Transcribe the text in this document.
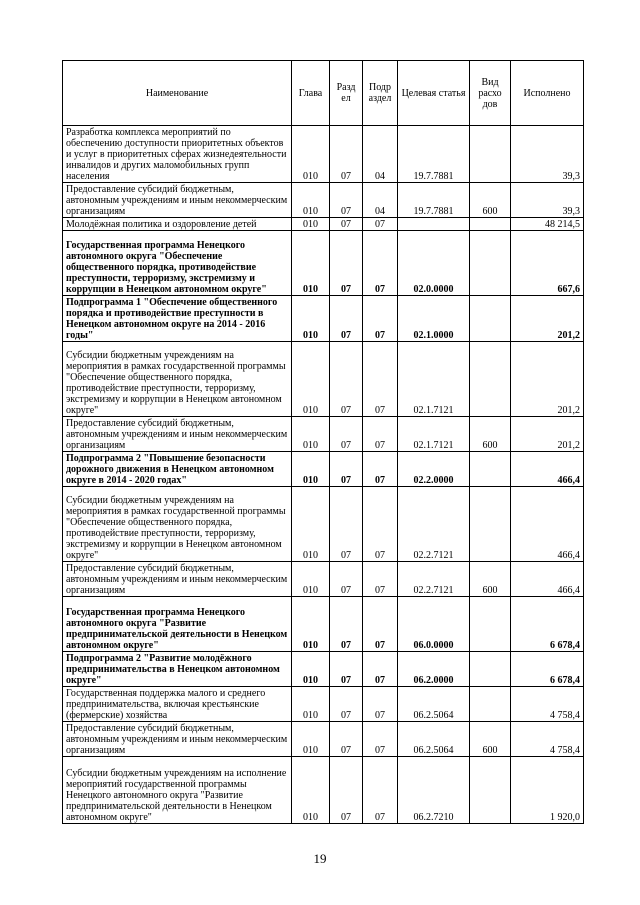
Наименование	Глава	Разд ел	Подр аздел	Целевая статья	Вид расхо дов	Исполнено
Разработка комплекса мероприятий по обеспечению доступности приоритетных объектов и услуг в приоритетных сферах жизнедеятельности инвалидов и других маломобильных групп населения	010	07	04	19.7.7881		39,3
Предоставление субсидий бюджетным, автономным учреждениям и иным некоммерческим организациям	010	07	04	19.7.7881	600	39,3
Молодёжная политика и оздоровление детей	010	07	07			48 214,5
Государственная программа Ненецкого автономного округа "Обеспечение общественного порядка, противодействие преступности, терроризму, экстремизму и коррупции в Ненецком автономном округе"	010	07	07	02.0.0000		667,6
Подпрограмма 1 "Обеспечение общественного порядка и противодействие преступности в Ненецком автономном округе на 2014 - 2016 годы"	010	07	07	02.1.0000		201,2
Субсидии бюджетным учреждениям на мероприятия в рамках государственной программы "Обеспечение общественного порядка, противодействие преступности, терроризму, экстремизму и коррупции в Ненецком автономном округе"	010	07	07	02.1.7121		201,2
Предоставление субсидий бюджетным, автономным учреждениям и иным некоммерческим организациям	010	07	07	02.1.7121	600	201,2
Подпрограмма 2 "Повышение безопасности дорожного движения в Ненецком автономном округе в 2014 - 2020 годах"	010	07	07	02.2.0000		466,4
Субсидии бюджетным учреждениям на мероприятия в рамках государственной программы "Обеспечение общественного порядка, противодействие преступности, терроризму, экстремизму и коррупции в Ненецком автономном округе"	010	07	07	02.2.7121		466,4
Предоставление субсидий бюджетным, автономным учреждениям и иным некоммерческим организациям	010	07	07	02.2.7121	600	466,4
Государственная программа Ненецкого автономного округа "Развитие предпринимательской деятельности в Ненецком автономном округе"	010	07	07	06.0.0000		6 678,4
Подпрограмма 2 "Развитие молодёжного предпринимательства в Ненецком автономном округе"	010	07	07	06.2.0000		6 678,4
Государственная поддержка малого и среднего предпринимательства, включая крестьянские (фермерские) хозяйства	010	07	07	06.2.5064		4 758,4
Предоставление субсидий бюджетным, автономным учреждениям и иным некоммерческим организациям	010	07	07	06.2.5064	600	4 758,4
Субсидии бюджетным учреждениям на исполнение мероприятий государственной программы Ненецкого автономного округа "Развитие предпринимательской деятельности в Ненецком автономном округе"	010	07	07	06.2.7210		1 920,0
19
